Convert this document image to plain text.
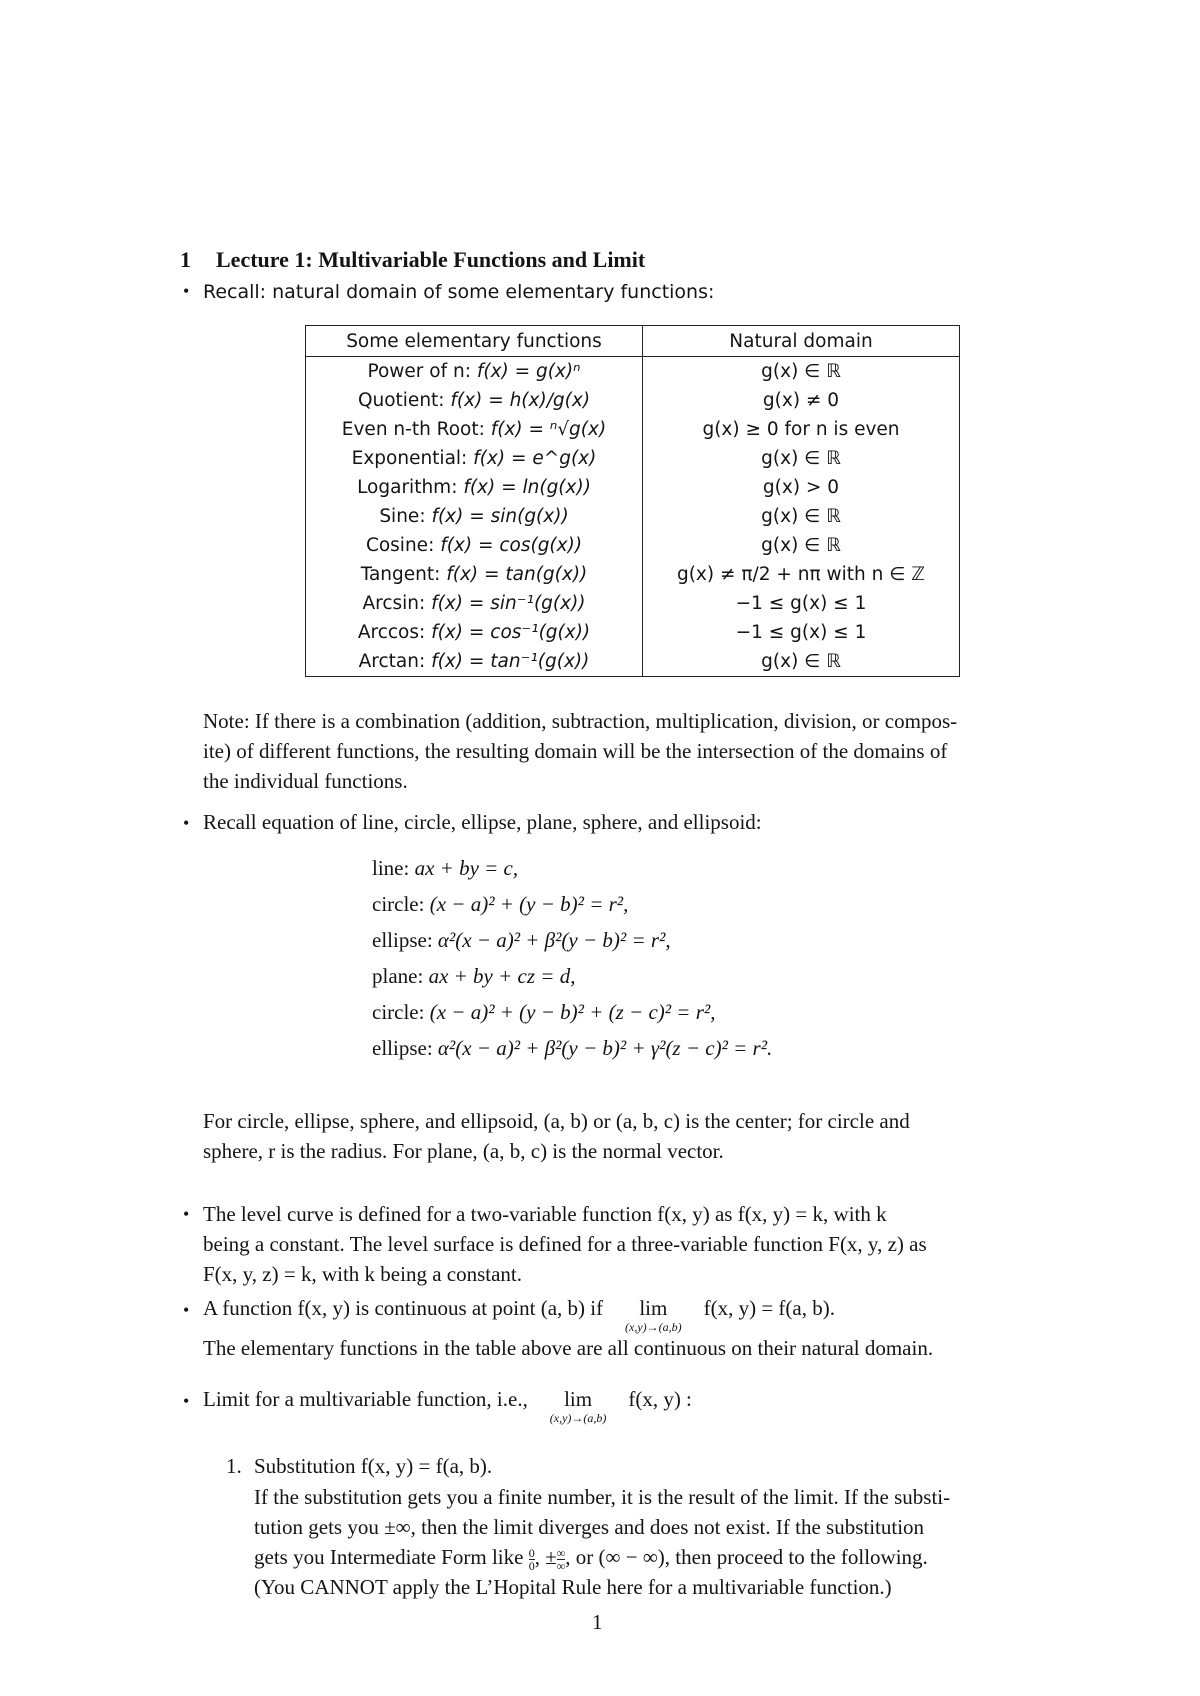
1 Lecture 1: Multivariable Functions and Limit
• Recall: natural domain of some elementary functions:
Some elementary functions	Natural domain
Power of n: f(x) = g(x)ⁿ	g(x) ∈ ℝ
Quotient: f(x) = h(x)/g(x)	g(x) ≠ 0
Even n-th Root: f(x) = ⁿ√g(x)	g(x) ≥ 0 for n is even
Exponential: f(x) = e^g(x)	g(x) ∈ ℝ
Logarithm: f(x) = ln(g(x))	g(x) > 0
Sine: f(x) = sin(g(x))	g(x) ∈ ℝ
Cosine: f(x) = cos(g(x))	g(x) ∈ ℝ
Tangent: f(x) = tan(g(x))	g(x) ≠ π/2 + nπ with n ∈ ℤ
Arcsin: f(x) = sin⁻¹(g(x))	−1 ≤ g(x) ≤ 1
Arccos: f(x) = cos⁻¹(g(x))	−1 ≤ g(x) ≤ 1
Arctan: f(x) = tan⁻¹(g(x))	g(x) ∈ ℝ
Note: If there is a combination (addition, subtraction, multiplication, division, or compos-
ite) of different functions, the resulting domain will be the intersection of the domains of
the individual functions.
• Recall equation of line, circle, ellipse, plane, sphere, and ellipsoid:
line: ax + by = c,
circle: (x − a)² + (y − b)² = r²,
ellipse: α²(x − a)² + β²(y − b)² = r²,
plane: ax + by + cz = d,
circle: (x − a)² + (y − b)² + (z − c)² = r²,
ellipse: α²(x − a)² + β²(y − b)² + γ²(z − c)² = r².
For circle, ellipse, sphere, and ellipsoid, (a, b) or (a, b, c) is the center; for circle and
sphere, r is the radius. For plane, (a, b, c) is the normal vector.
• The level curve is defined for a two-variable function f(x, y) as f(x, y) = k, with k
being a constant. The level surface is defined for a three-variable function F(x, y, z) as
F(x, y, z) = k, with k being a constant.
• A function f(x, y) is continuous at point (a, b) if lim
(x,y)→(a,b)
f(x, y) = f(a, b).
The elementary functions in the table above are all continuous on their natural domain.
• Limit for a multivariable function, i.e., lim
(x,y)→(a,b)
f(x, y) :
1. Substitution f(x, y) = f(a, b).
If the substitution gets you a finite number, it is the result of the limit. If the substi-
tution gets you ±∞, then the limit diverges and does not exist. If the substitution
gets you Intermediate Form like $\frac{0}{0}$ , ± $\frac{\infty}{\infty}$ , or (∞ − ∞), then proceed to the following.
(You CANNOT apply the L’Hopital Rule here for a multivariable function.)
1
